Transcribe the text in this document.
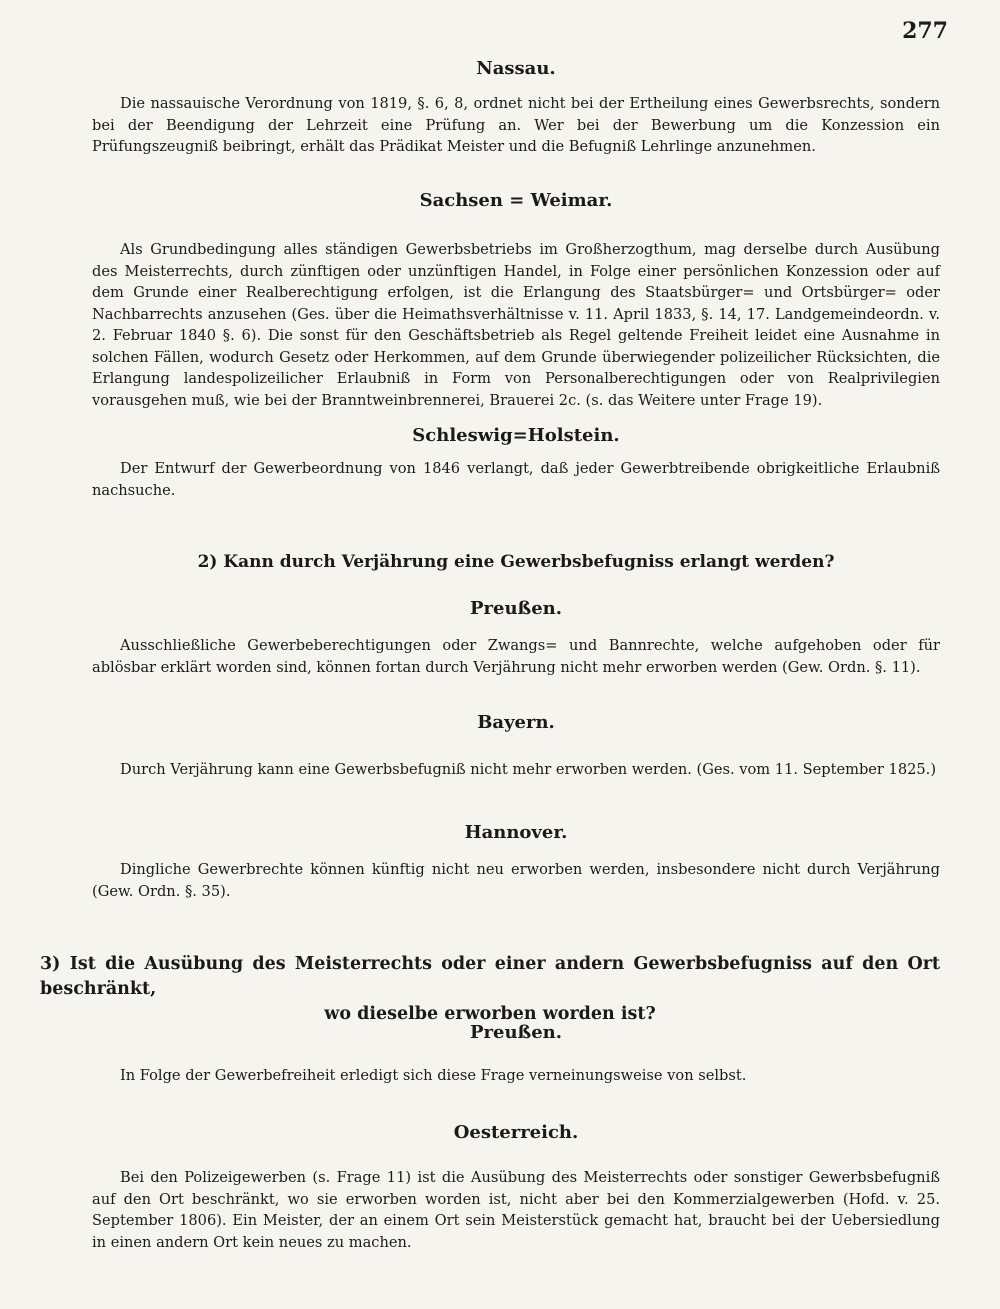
277

Nassau.

Die nassauische Verordnung von 1819, §. 6, 8, ordnet nicht bei der Ertheilung eines Gewerbsrechts, sondern bei der Beendigung der Lehrzeit eine Prüfung an. Wer bei der Bewerbung um die Konzession ein Prüfungszeugniß beibringt, erhält das Prädikat Meister und die Befugniß Lehrlinge anzunehmen.

Sachsen = Weimar.

Als Grundbedingung alles ständigen Gewerbsbetriebs im Großherzogthum, mag derselbe durch Ausübung des Meisterrechts, durch zünftigen oder unzünftigen Handel, in Folge einer persönlichen Konzession oder auf dem Grunde einer Realberechtigung erfolgen, ist die Erlangung des Staatsbürger= und Ortsbürger= oder Nachbarrechts anzusehen (Ges. über die Heimathsverhältnisse v. 11. April 1833, §. 14, 17. Landgemeindeordn. v. 2. Februar 1840 §. 6). Die sonst für den Geschäftsbetrieb als Regel geltende Freiheit leidet eine Ausnahme in solchen Fällen, wodurch Gesetz oder Herkommen, auf dem Grunde überwiegender polizeilicher Rücksichten, die Erlangung landespolizeilicher Erlaubniß in Form von Personalberechtigungen oder von Realprivilegien vorausgehen muß, wie bei der Branntweinbrennerei, Brauerei 2c. (s. das Weitere unter Frage 19).

Schleswig=Holstein.

Der Entwurf der Gewerbeordnung von 1846 verlangt, daß jeder Gewerbtreibende obrigkeitliche Erlaubniß nachsuche.

2) Kann durch Verjährung eine Gewerbsbefugniss erlangt werden?

Preußen.

Ausschließliche Gewerbeberechtigungen oder Zwangs= und Bannrechte, welche aufgehoben oder für ablösbar erklärt worden sind, können fortan durch Verjährung nicht mehr erworben werden (Gew. Ordn. §. 11).

Bayern.

Durch Verjährung kann eine Gewerbsbefugniß nicht mehr erworben werden. (Ges. vom 11. September 1825.)

Hannover.

Dingliche Gewerbrechte können künftig nicht neu erworben werden, insbesondere nicht durch Verjährung (Gew. Ordn. §. 35).

3) Ist die Ausübung des Meisterrechts oder einer andern Gewerbsbefugniss auf den Ort beschränkt,
wo dieselbe erworben worden ist?

Preußen.

In Folge der Gewerbefreiheit erledigt sich diese Frage verneinungsweise von selbst.

Oesterreich.

Bei den Polizeigewerben (s. Frage 11) ist die Ausübung des Meisterrechts oder sonstiger Gewerbsbefugniß auf den Ort beschränkt, wo sie erworben worden ist, nicht aber bei den Kommerzialgewerben (Hofd. v. 25. September 1806). Ein Meister, der an einem Ort sein Meisterstück gemacht hat, braucht bei der Uebersiedlung in einen andern Ort kein neues zu machen.
